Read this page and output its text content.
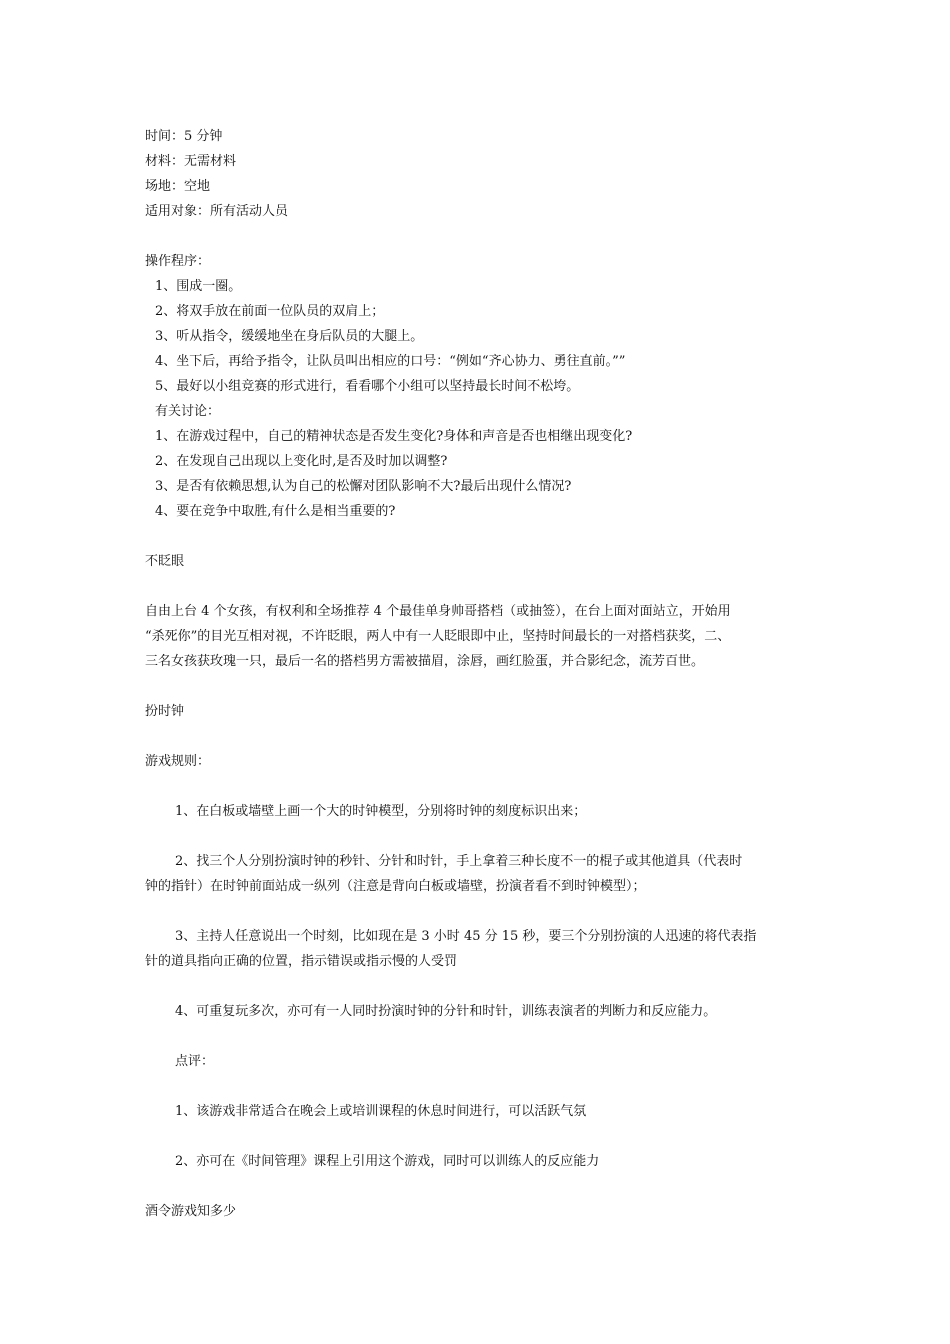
时间：5 分钟
材料：无需材料
场地：空地
适用对象：所有活动人员
操作程序：
1、围成一圈。
2、将双手放在前面一位队员的双肩上；
3、听从指令，缓缓地坐在身后队员的大腿上。
4、坐下后，再给予指令，让队员叫出相应的口号：“例如“齐心协力、勇往直前。””
5、最好以小组竞赛的形式进行，看看哪个小组可以坚持最长时间不松垮。
有关讨论：
1、在游戏过程中，自己的精神状态是否发生变化?身体和声音是否也相继出现变化?
2、在发现自己出现以上变化时,是否及时加以调整?
3、是否有依赖思想,认为自己的松懈对团队影响不大?最后出现什么情况?
4、要在竞争中取胜,有什么是相当重要的?
不眨眼
自由上台 4 个女孩，有权利和全场推荐 4 个最佳单身帅哥搭档（或抽签），在台上面对面站立，开始用
“杀死你”的目光互相对视，不许眨眼，两人中有一人眨眼即中止，坚持时间最长的一对搭档获奖，二、
三名女孩获玫瑰一只，最后一名的搭档男方需被描眉，涂唇，画红脸蛋，并合影纪念，流芳百世。
扮时钟
游戏规则：
1、在白板或墙壁上画一个大的时钟模型，分别将时钟的刻度标识出来；
2、找三个人分别扮演时钟的秒针、分针和时针，手上拿着三种长度不一的棍子或其他道具（代表时
钟的指针）在时钟前面站成一纵列（注意是背向白板或墙壁，扮演者看不到时钟模型）；
3、主持人任意说出一个时刻，比如现在是 3 小时 45 分 15 秒，要三个分别扮演的人迅速的将代表指
针的道具指向正确的位置，指示错误或指示慢的人受罚
4、可重复玩多次，亦可有一人同时扮演时钟的分针和时针，训练表演者的判断力和反应能力。
点评：
1、该游戏非常适合在晚会上或培训课程的休息时间进行，可以活跃气氛
2、亦可在《时间管理》课程上引用这个游戏，同时可以训练人的反应能力
酒令游戏知多少
